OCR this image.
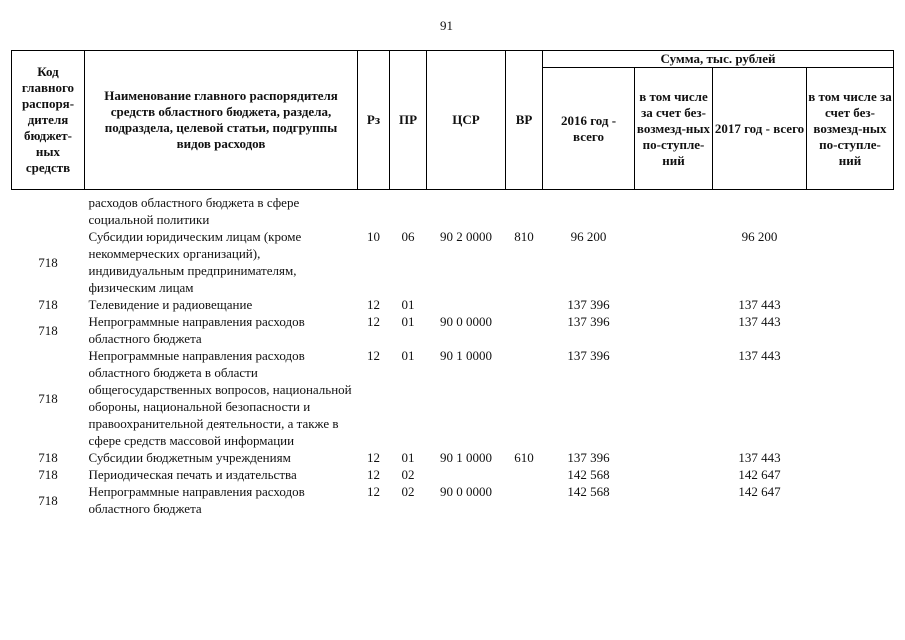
91
Код главного распоря-дителя бюджет-ных средств	Наименование главного распорядителя средств областного бюджета, раздела, подраздела, целевой статьи, подгруппы видов расходов	Рз	ПР	ЦСР	ВР	Сумма, тыс. рублей			
						2016 год - всего	в том числе за счет без-возмезд-ных по-ступле-ний	2017 год - всего	в том числе за счет без-возмезд-ных по-ступле-ний
	расходов областного бюджета в сфере социальной политики								
718	Субсидии юридическим лицам (кроме некоммерческих организаций), индивидуальным предпринимателям, физическим лицам	10	06	90 2 0000	810	96 200		96 200	
718	Телевидение и радиовещание	12	01			137 396		137 443	
718	Непрограммные направления расходов областного бюджета	12	01	90 0 0000		137 396		137 443	
718	Непрограммные направления расходов областного бюджета в области общегосударственных вопросов, национальной обороны, национальной безопасности и правоохранительной деятельности, а также в сфере средств массовой информации	12	01	90 1 0000		137 396		137 443	
718	Субсидии бюджетным учреждениям	12	01	90 1 0000	610	137 396		137 443	
718	Периодическая печать и издательства	12	02			142 568		142 647	
718	Непрограммные направления расходов областного бюджета	12	02	90 0 0000		142 568		142 647	
